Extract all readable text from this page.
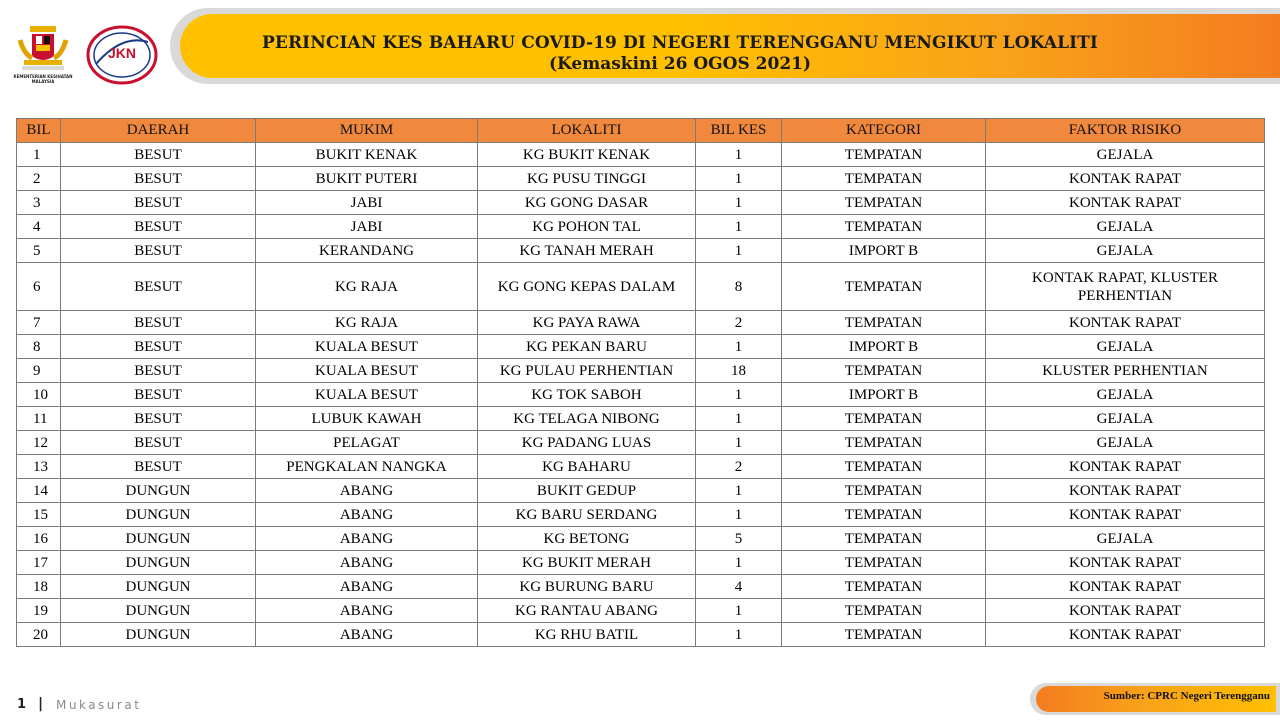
KEMENTERIAN KESIHATAN MALAYSIA
JKN	PERINCIAN KES BAHARU COVID-19 DI NEGERI TERENGGANU MENGIKUT LOKALITI
(Kemaskini 26 OGOS 2021)
BIL	DAERAH	MUKIM	LOKALITI	BIL KES	KATEGORI	FAKTOR RISIKO
1	BESUT	BUKIT KENAK	KG BUKIT KENAK	1	TEMPATAN	GEJALA
2	BESUT	BUKIT PUTERI	KG PUSU TINGGI	1	TEMPATAN	KONTAK RAPAT
3	BESUT	JABI	KG GONG DASAR	1	TEMPATAN	KONTAK RAPAT
4	BESUT	JABI	KG POHON TAL	1	TEMPATAN	GEJALA
5	BESUT	KERANDANG	KG TANAH MERAH	1	IMPORT B	GEJALA
6	BESUT	KG RAJA	KG GONG KEPAS DALAM	8	TEMPATAN	KONTAK RAPAT, KLUSTER PERHENTIAN
7	BESUT	KG RAJA	KG PAYA RAWA	2	TEMPATAN	KONTAK RAPAT
8	BESUT	KUALA BESUT	KG PEKAN BARU	1	IMPORT B	GEJALA
9	BESUT	KUALA BESUT	KG PULAU PERHENTIAN	18	TEMPATAN	KLUSTER PERHENTIAN
10	BESUT	KUALA BESUT	KG TOK SABOH	1	IMPORT B	GEJALA
11	BESUT	LUBUK KAWAH	KG TELAGA NIBONG	1	TEMPATAN	GEJALA
12	BESUT	PELAGAT	KG PADANG LUAS	1	TEMPATAN	GEJALA
13	BESUT	PENGKALAN NANGKA	KG BAHARU	2	TEMPATAN	KONTAK RAPAT
14	DUNGUN	ABANG	BUKIT GEDUP	1	TEMPATAN	KONTAK RAPAT
15	DUNGUN	ABANG	KG BARU SERDANG	1	TEMPATAN	KONTAK RAPAT
16	DUNGUN	ABANG	KG BETONG	5	TEMPATAN	GEJALA
17	DUNGUN	ABANG	KG BUKIT MERAH	1	TEMPATAN	KONTAK RAPAT
18	DUNGUN	ABANG	KG BURUNG BARU	4	TEMPATAN	KONTAK RAPAT
19	DUNGUN	ABANG	KG RANTAU ABANG	1	TEMPATAN	KONTAK RAPAT
20	DUNGUN	ABANG	KG RHU BATIL	1	TEMPATAN	KONTAK RAPAT
1 | Mukasurat
Sumber: CPRC Negeri Terengganu
